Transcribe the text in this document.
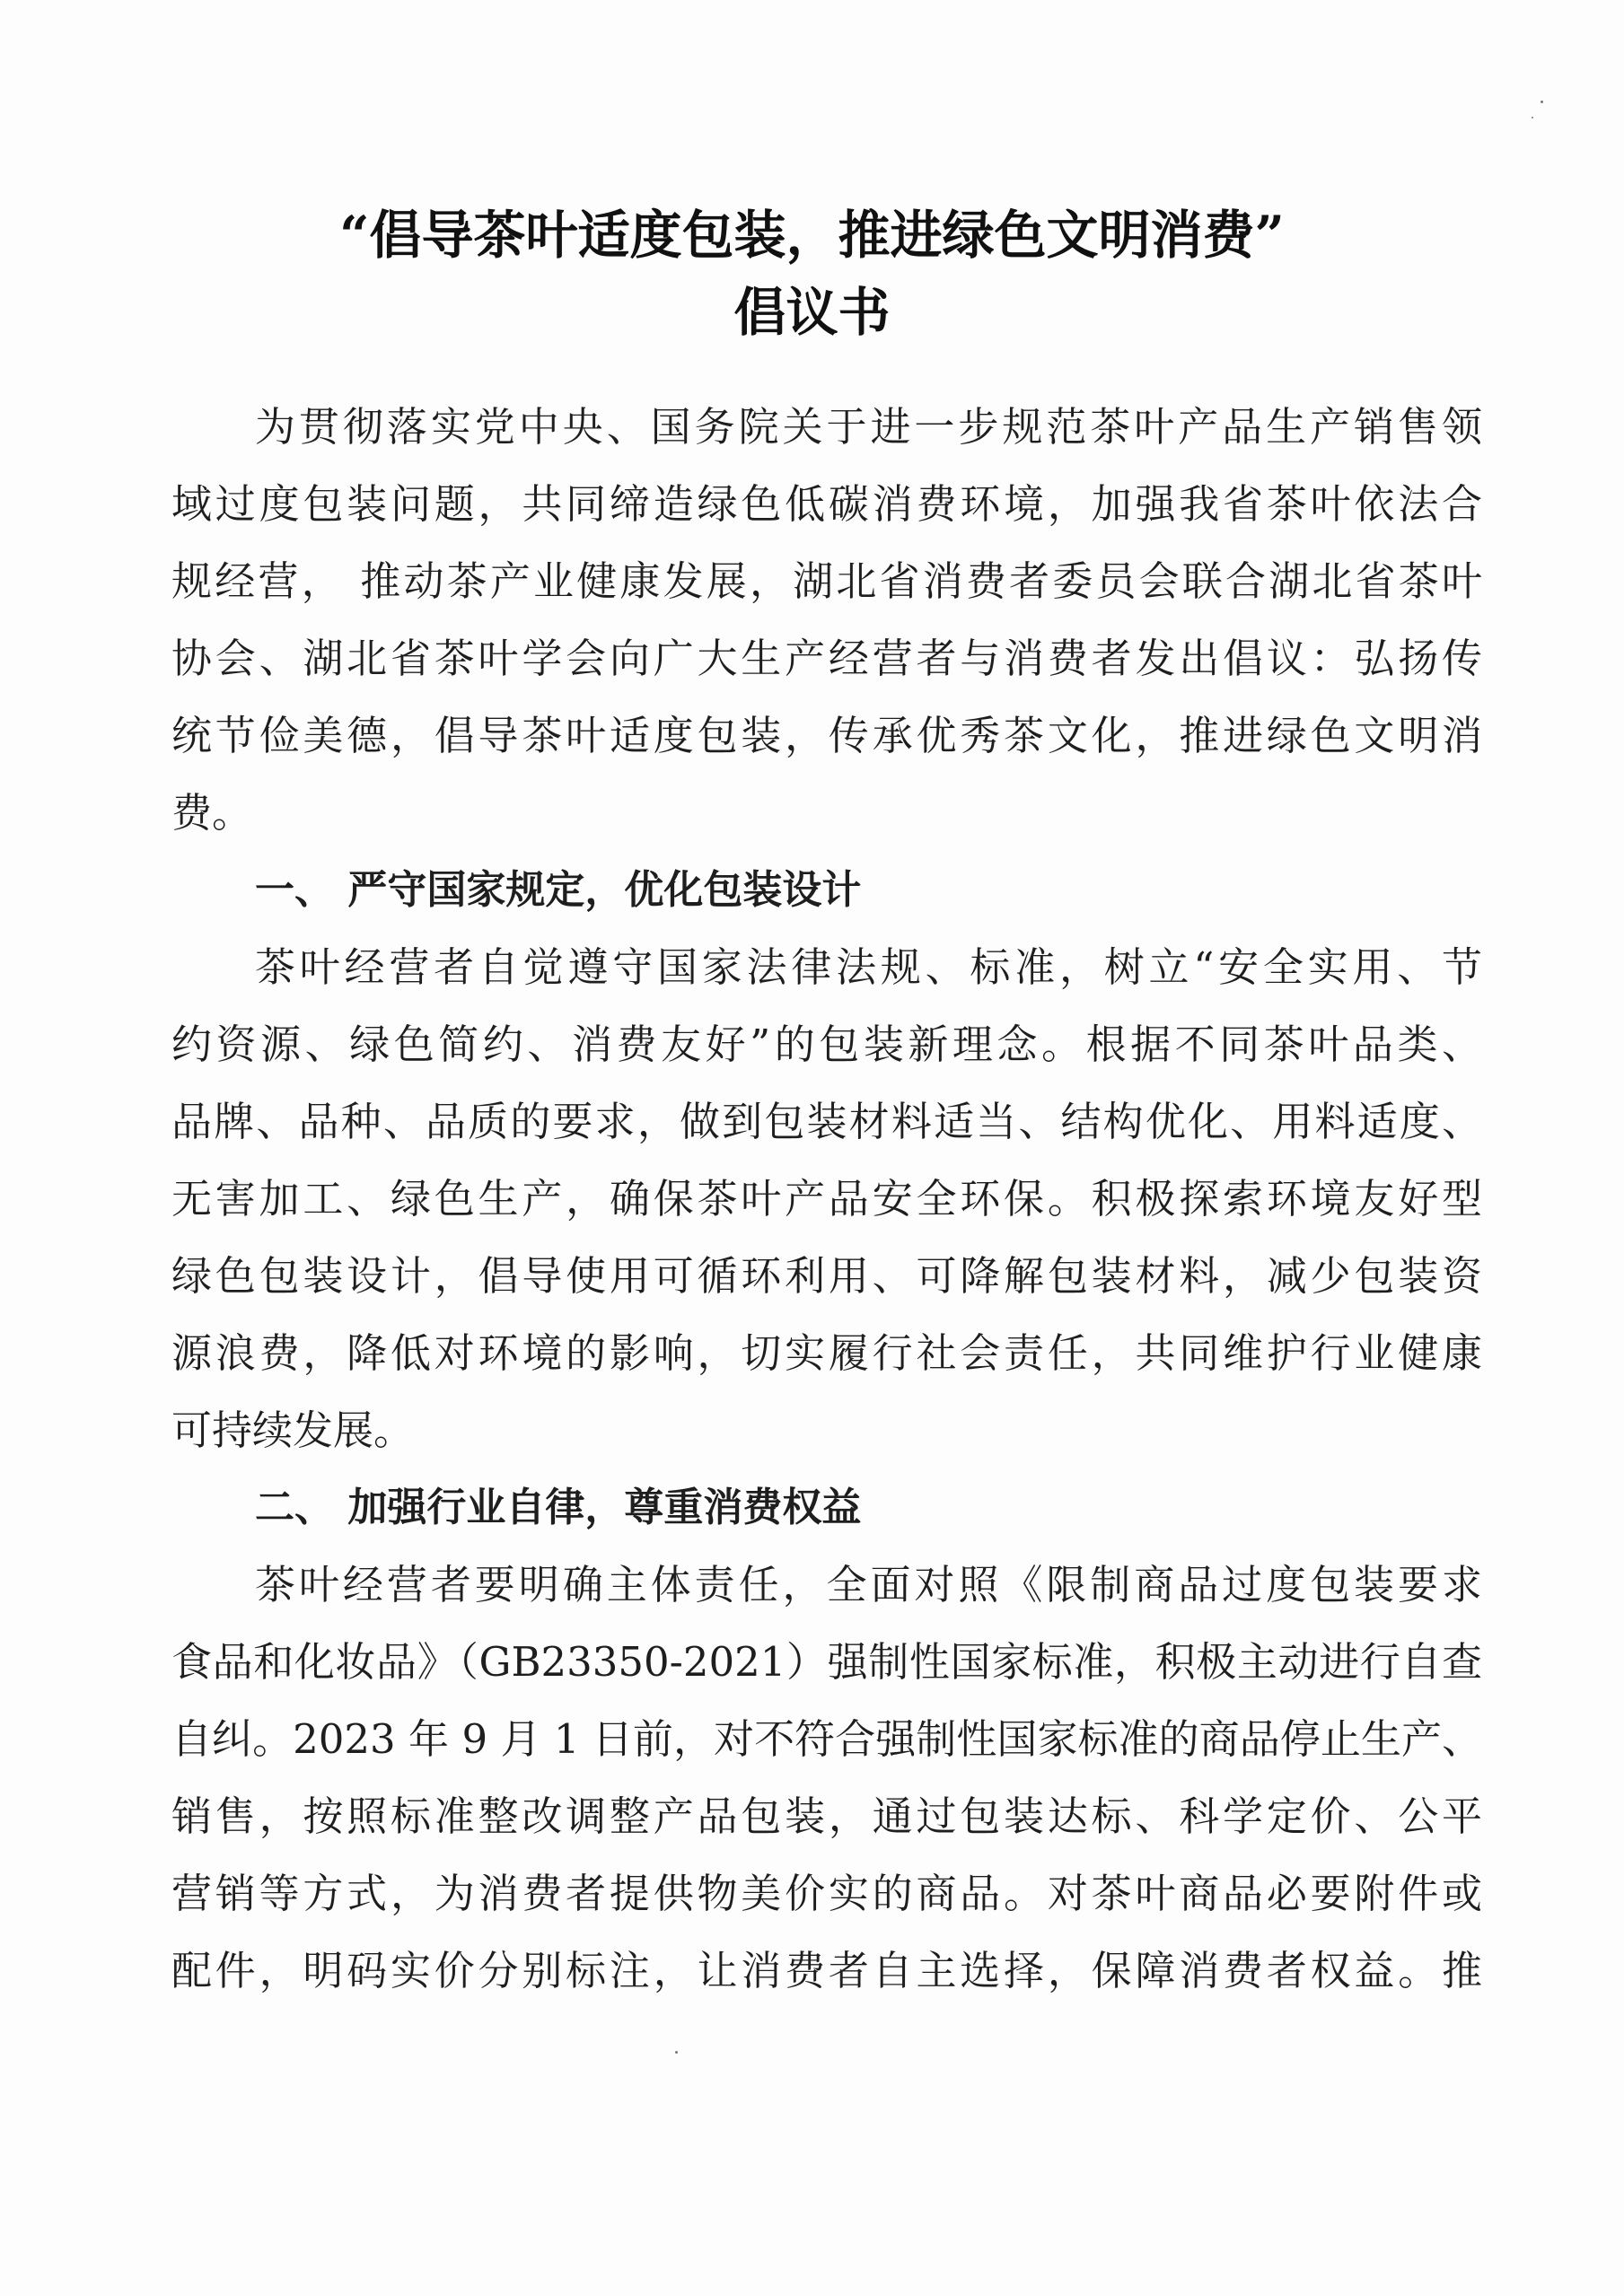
“倡导茶叶适度包装，推进绿色文明消费”
倡议书
为贯彻落实党中央、国务院关于进一步规范茶叶产品生产销售领
域过度包装问题，共同缔造绿色低碳消费环境，加强我省茶叶依法合
规经营， 推动茶产业健康发展，湖北省消费者委员会联合湖北省茶叶
协会、湖北省茶叶学会向广大生产经营者与消费者发出倡议：弘扬传
统节俭美德，倡导茶叶适度包装，传承优秀茶文化，推进绿色文明消
费。
一、 严守国家规定，优化包装设计
茶叶经营者自觉遵守国家法律法规、标准，树立“安全实用、节
约资源、绿色简约、消费友好”的包装新理念。根据不同茶叶品类、
品牌、品种、品质的要求，做到包装材料适当、结构优化、用料适度、
无害加工、绿色生产，确保茶叶产品安全环保。积极探索环境友好型
绿色包装设计，倡导使用可循环利用、可降解包装材料，减少包装资
源浪费，降低对环境的影响，切实履行社会责任，共同维护行业健康
可持续发展。
二、 加强行业自律，尊重消费权益
茶叶经营者要明确主体责任，全面对照《限制商品过度包装要求
食品和化妆品》（GB23350-2021）强制性国家标准，积极主动进行自查
自纠。2023 年 9 月 1 日前，对不符合强制性国家标准的商品停止生产、
销售，按照标准整改调整产品包装，通过包装达标、科学定价、公平
营销等方式，为消费者提供物美价实的商品。对茶叶商品必要附件或
配件，明码实价分别标注，让消费者自主选择，保障消费者权益。推
